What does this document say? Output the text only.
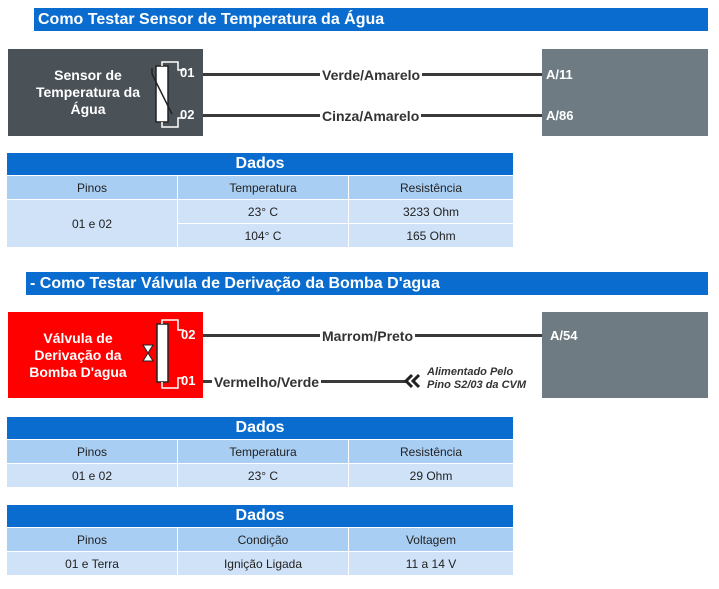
Como Testar Sensor de Temperatura da Água
Sensor de
Temperatura da
Água
01
02
Verde/Amarelo
Cinza/Amarelo
A/11
A/86
Dados		
Pinos	Temperatura	Resistência
01 e 02	23° C	3233 Ohm
	104° C	165 Ohm
- Como Testar Válvula de Derivação da Bomba D'agua
Válvula de
Derivação da
Bomba D'agua
02
01
Marrom/Preto
Vermelho/Verde
Alimentado Pelo
Pino S2/03 da CVM
A/54
Dados		
Pinos	Temperatura	Resistência
01 e 02	23° C	29 Ohm
Dados		
Pinos	Condição	Voltagem
01 e Terra	Ignição Ligada	11 a 14 V
